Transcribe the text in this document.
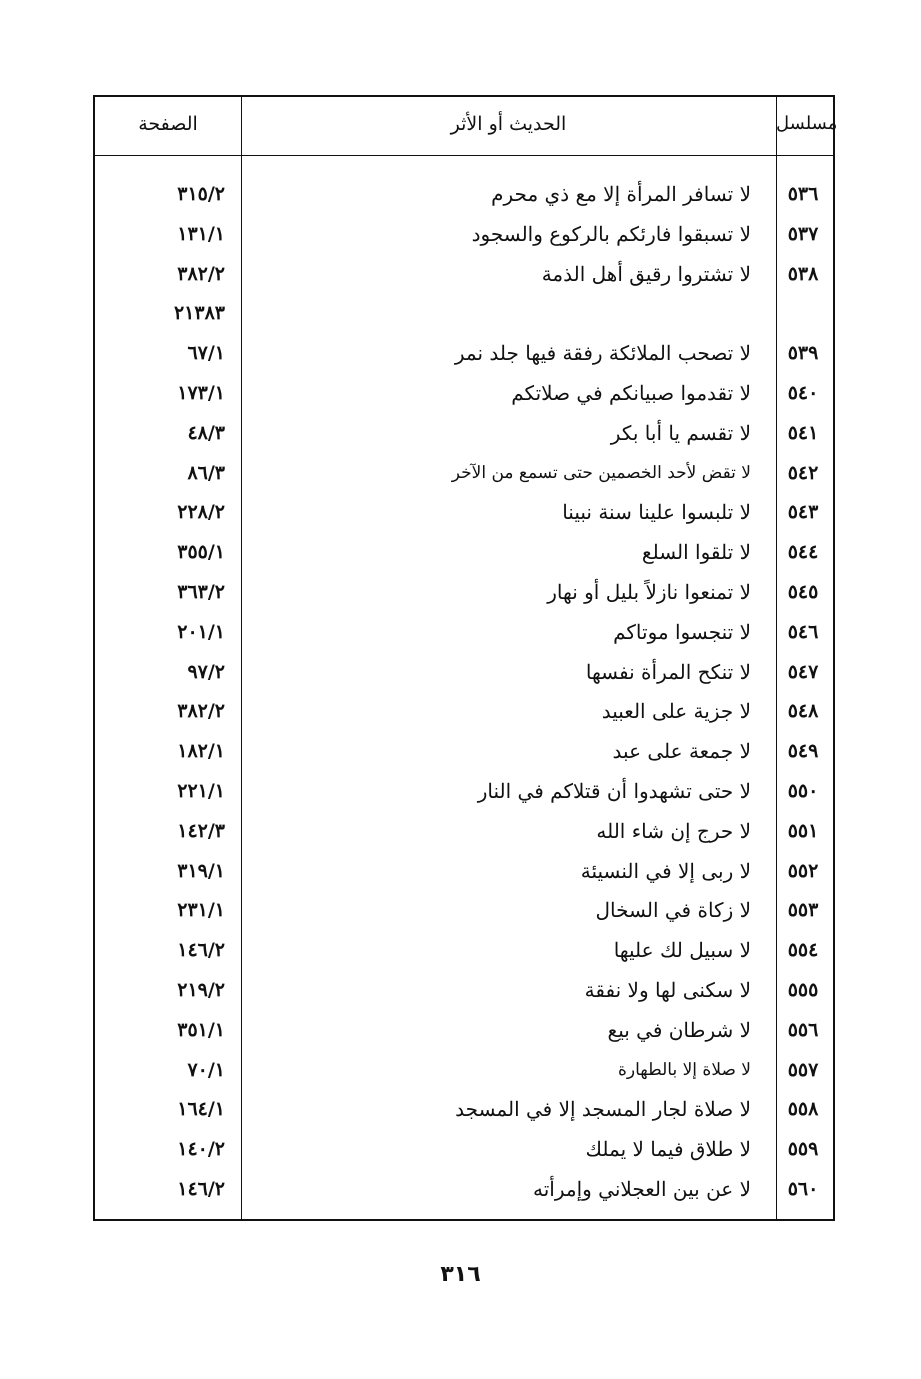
مسلسل
الحديث أو الأثر
الصفحة
٥٣٦
لا تسافر المرأة إلا مع ذي محرم
٣١٥/٢
٥٣٧
لا تسبقوا فارئكم بالركوع والسجود
١٣١/١
٥٣٨
لا تشتروا رقيق أهل الذمة
٣٨٢/٢
٢١٣٨٣
٥٣٩
لا تصحب الملائكة رفقة فيها جلد نمر
٦٧/١
٥٤٠
لا تقدموا صبيانكم في صلاتكم
١٧٣/١
٥٤١
لا تقسم يا أبا بكر
٤٨/٣
٥٤٢
لا تقض لأحد الخصمين حتى تسمع من الآخر
٨٦/٣
٥٤٣
لا تلبسوا علينا سنة نبينا
٢٢٨/٢
٥٤٤
لا تلقوا السلع
٣٥٥/١
٥٤٥
لا تمنعوا نازلاً بليل أو نهار
٣٦٣/٢
٥٤٦
لا تنجسوا موتاكم
٢٠١/١
٥٤٧
لا تنكح المرأة نفسها
٩٧/٢
٥٤٨
لا جزية على العبيد
٣٨٢/٢
٥٤٩
لا جمعة على عبد
١٨٢/١
٥٥٠
لا حتى تشهدوا أن قتلاكم في النار
٢٢١/١
٥٥١
لا حرج إن شاء الله
١٤٢/٣
٥٥٢
لا ربى إلا في النسيئة
٣١٩/١
٥٥٣
لا زكاة في السخال
٢٣١/١
٥٥٤
لا سبيل لك عليها
١٤٦/٢
٥٥٥
لا سكنى لها ولا نفقة
٢١٩/٢
٥٥٦
لا شرطان في بيع
٣٥١/١
٥٥٧
لا صلاة إلا بالطهارة
٧٠/١
٥٥٨
لا صلاة لجار المسجد إلا في المسجد
١٦٤/١
٥٥٩
لا طلاق فيما لا يملك
١٤٠/٢
٥٦٠
لا عن بين العجلاني وإمرأته
١٤٦/٢
٣١٦
